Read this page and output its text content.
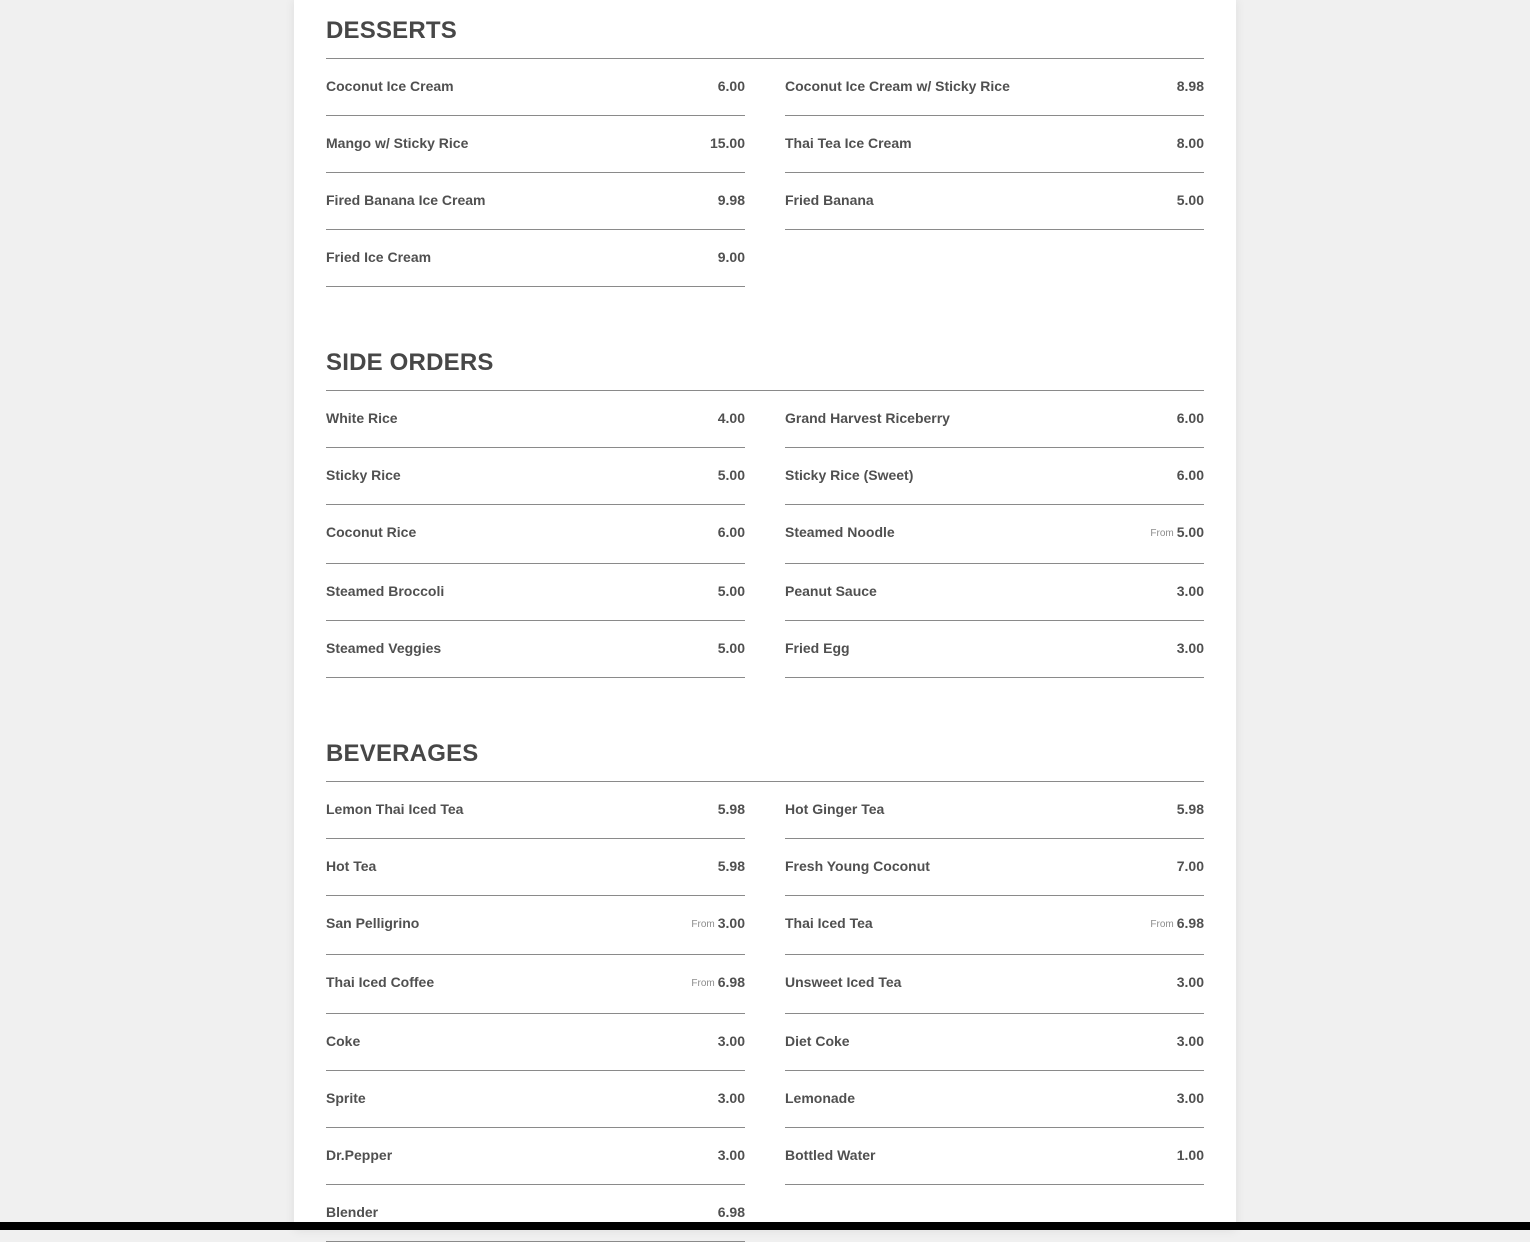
DESSERTS
Coconut Ice Cream	6.00	Coconut Ice Cream w/ Sticky Rice	8.98
Mango w/ Sticky Rice	15.00	Thai Tea Ice Cream	8.00
Fired Banana Ice Cream	9.98	Fried Banana	5.00
Fried Ice Cream	9.00
SIDE ORDERS
White Rice	4.00	Grand Harvest Riceberry	6.00
Sticky Rice	5.00	Sticky Rice (Sweet)	6.00
Coconut Rice	6.00	Steamed Noodle	From 5.00
Steamed Broccoli	5.00	Peanut Sauce	3.00
Steamed Veggies	5.00	Fried Egg	3.00
BEVERAGES
Lemon Thai Iced Tea	5.98	Hot Ginger Tea	5.98
Hot Tea	5.98	Fresh Young Coconut	7.00
San Pelligrino	From 3.00	Thai Iced Tea	From 6.98
Thai Iced Coffee	From 6.98	Unsweet Iced Tea	3.00
Coke	3.00	Diet Coke	3.00
Sprite	3.00	Lemonade	3.00
Dr.Pepper	3.00	Bottled Water	1.00
Blender	6.98
